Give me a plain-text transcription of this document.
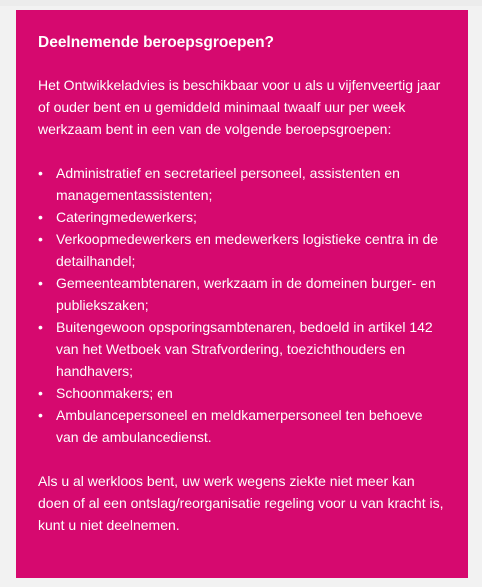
Deelnemende beroepsgroepen?

Het Ontwikkeladvies is beschikbaar voor u als u vijfenveertig jaar of ouder bent en u gemiddeld minimaal twaalf uur per week werkzaam bent in een van de volgende beroepsgroepen:

• Administratief en secretarieel personeel, assistenten en managementassistenten;
• Cateringmedewerkers;
• Verkoopmedewerkers en medewerkers logistieke centra in de detailhandel;
• Gemeenteambtenaren, werkzaam in de domeinen burger- en publiekszaken;
• Buitengewoon opsporingsambtenaren, bedoeld in artikel 142 van het Wetboek van Strafvordering, toezichthouders en handhavers;
• Schoonmakers; en
• Ambulancepersoneel en meldkamerpersoneel ten behoeve van de ambulancedienst.

Als u al werkloos bent, uw werk wegens ziekte niet meer kan doen of al een ontslag/reorganisatie regeling voor u van kracht is, kunt u niet deelnemen.
